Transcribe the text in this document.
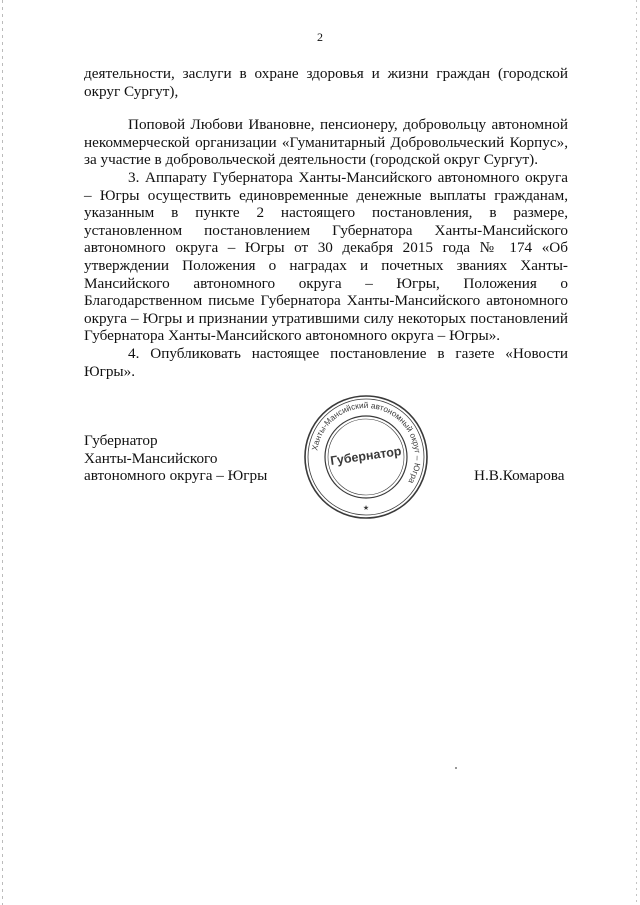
2

деятельности, заслуги в охране здоровья и жизни граждан (городской округ Сургут),

Поповой Любови Ивановне, пенсионеру, добровольцу автономной некоммерческой организации «Гуманитарный Добровольческий Корпус», за участие в добровольческой деятельности (городской округ Сургут).

3. Аппарату Губернатора Ханты-Мансийского автономного округа – Югры осуществить единовременные денежные выплаты гражданам, указанным в пункте 2 настоящего постановления, в размере, установленном постановлением Губернатора Ханты-Мансийского автономного округа – Югры от 30 декабря 2015 года № 174 «Об утверждении Положения о наградах и почетных званиях Ханты-Мансийского автономного округа – Югры, Положения о Благодарственном письме Губернатора Ханты-Мансийского автономного округа – Югры и признании утратившими силу некоторых постановлений Губернатора Ханты-Мансийского автономного округа – Югры».

4. Опубликовать настоящее постановление в газете «Новости Югры».

Губернатор
Ханты-Мансийского
автономного округа – Югры
Ханты-Мансийский автономный округ – Югра
Губернатор
★
Н.В.Комарова
